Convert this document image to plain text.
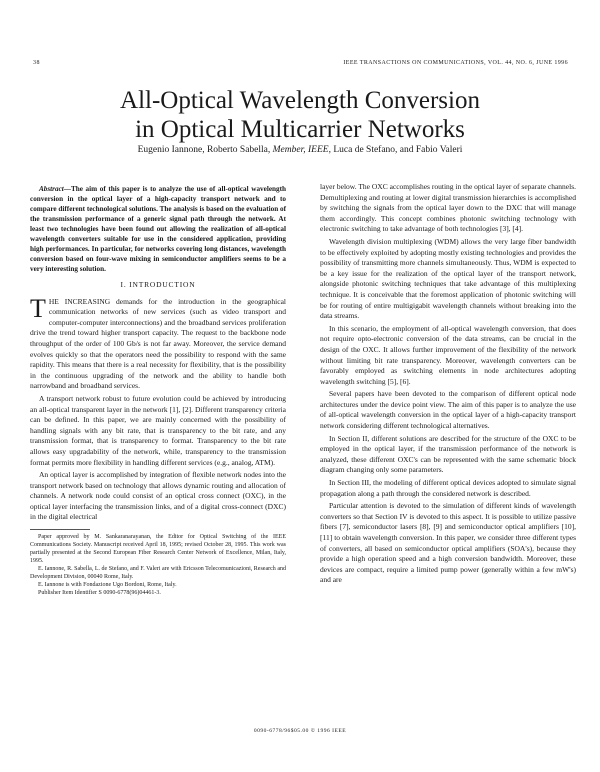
38	IEEE TRANSACTIONS ON COMMUNICATIONS, VOL. 44, NO. 6, JUNE 1996
All-Optical Wavelength Conversion
in Optical Multicarrier Networks
Eugenio Iannone, Roberto Sabella, Member, IEEE, Luca de Stefano, and Fabio Valeri

Abstract—The aim of this paper is to analyze the use of all-optical wavelength conversion in the optical layer of a high-capacity transport network and to compare different technological solutions. The analysis is based on the evaluation of the transmission performance of a generic signal path through the network. At least two technologies have been found out allowing the realization of all-optical wavelength converters suitable for use in the considered application, providing high performances. In particular, for networks covering long distances, wavelength conversion based on four-wave mixing in semiconductor amplifiers seems to be a very interesting solution.

I. INTRODUCTION

THE INCREASING demands for the introduction in the geographical communication networks of new services (such as video transport and computer-computer interconnections) and the broadband services proliferation drive the trend toward higher transport capacity. The request to the backbone node throughput of the order of 100 Gb/s is not far away. Moreover, the service demand evolves quickly so that the operators need the possibility to respond with the same rapidity. This means that there is a real necessity for flexibility, that is the possibility in the continuous upgrading of the network and the ability to handle both narrowband and broadband services.

A transport network robust to future evolution could be achieved by introducing an all-optical transparent layer in the network [1], [2]. Different transparency criteria can be defined. In this paper, we are mainly concerned with the possibility of handling signals with any bit rate, that is transparency to the bit rate, and any transmission format, that is transparency to format. Transparency to the bit rate allows easy upgradability of the network, while, transparency to the transmission format permits more flexibility in handling different services (e.g., analog, ATM).

An optical layer is accomplished by integration of flexible network nodes into the transport network based on technology that allows dynamic routing and allocation of channels. A network node could consist of an optical cross connect (OXC), in the optical layer interfacing the transmission links, and of a digital cross-connect (DXC) in the digital electrical

Paper approved by M. Sankaranarayanan, the Editor for Optical Switching of the IEEE Communications Society. Manuscript received April 18, 1995; revised October 28, 1995. This work was partially presented at the Second European Fiber Research Center Network of Excellence, Milan, Italy, 1995.

E. Iannone, R. Sabella, L. de Stefano, and F. Valeri are with Ericsson Telecomunicazioni, Research and Development Division, 00040 Rome, Italy.

E. Iannone is with Fondazione Ugo Bordoni, Rome, Italy.

Publisher Item Identifier S 0090-6778(96)04461-3.

layer below. The OXC accomplishes routing in the optical layer of separate channels. Demultiplexing and routing at lower digital transmission hierarchies is accomplished by switching the signals from the optical layer down to the DXC that will manage them accordingly. This concept combines photonic switching technology with electronic switching to take advantage of both technologies [3], [4].

Wavelength division multiplexing (WDM) allows the very large fiber bandwidth to be effectively exploited by adopting mostly existing technologies and provides the possibility of transmitting more channels simultaneously. Thus, WDM is expected to be a key issue for the realization of the optical layer of the transport network, alongside photonic switching techniques that take advantage of this multiplexing technique. It is conceivable that the foremost application of photonic switching will be for routing of entire multigigabit wavelength channels without breaking into the data streams.

In this scenario, the employment of all-optical wavelength conversion, that does not require opto-electronic conversion of the data streams, can be crucial in the design of the OXC. It allows further improvement of the flexibility of the network without limiting bit rate transparency. Moreover, wavelength converters can be favorably employed as switching elements in node architectures adopting wavelength switching [5], [6].

Several papers have been devoted to the comparison of different optical node architectures under the device point view. The aim of this paper is to analyze the use of all-optical wavelength conversion in the optical layer of a high-capacity transport network considering different technological alternatives.

In Section II, different solutions are described for the structure of the OXC to be employed in the optical layer, if the transmission performance of the network is analyzed, these different OXC's can be represented with the same schematic block diagram changing only some parameters.

In Section III, the modeling of different optical devices adopted to simulate signal propagation along a path through the considered network is described.

Particular attention is devoted to the simulation of different kinds of wavelength converters so that Section IV is devoted to this aspect. It is possible to utilize passive fibers [7], semiconductor lasers [8], [9] and semiconductor optical amplifiers [10], [11] to obtain wavelength conversion. In this paper, we consider three different types of converters, all based on semiconductor optical amplifiers (SOA's), because they provide a high operation speed and a high conversion bandwidth. Moreover, these devices are compact, require a limited pump power (generally within a few mW's) and are

0090-6778/96$05.00 © 1996 IEEE
